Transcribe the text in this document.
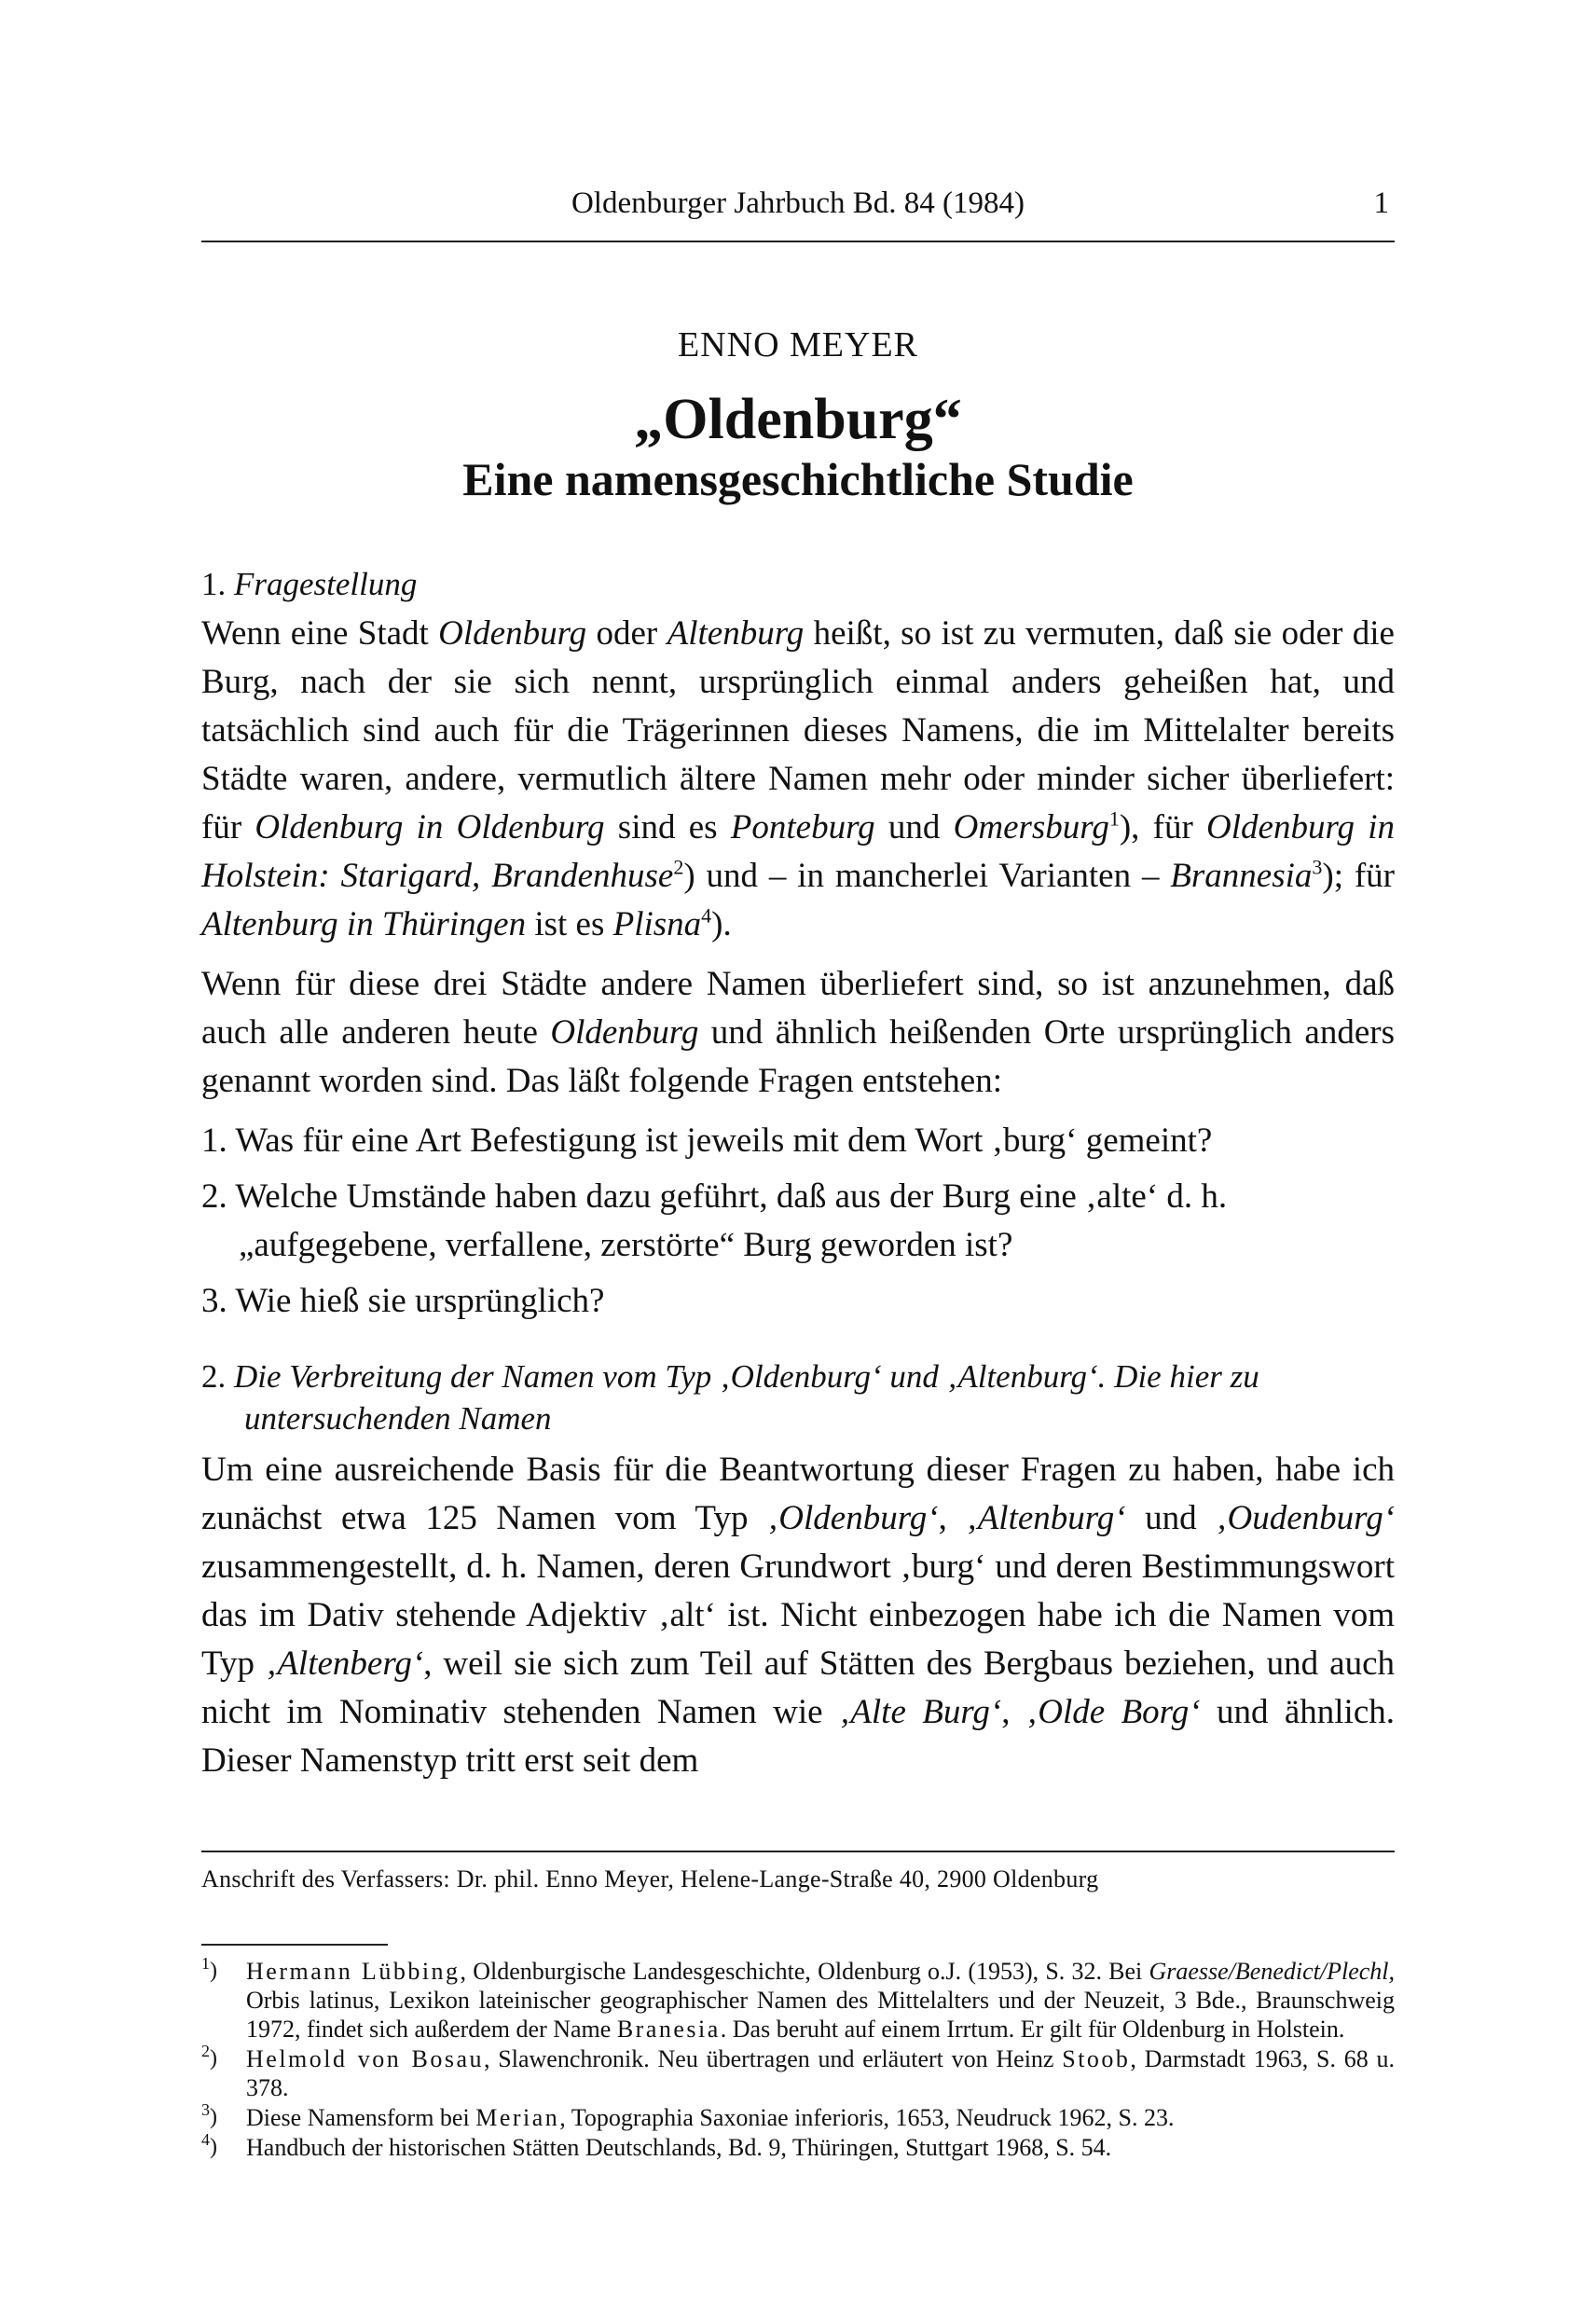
Oldenburger Jahrbuch Bd. 84 (1984)	1
ENNO MEYER
„Oldenburg“
Eine namensgeschichtliche Studie
1. Fragestellung

Wenn eine Stadt Oldenburg oder Altenburg heißt, so ist zu vermuten, daß sie oder die Burg, nach der sie sich nennt, ursprünglich einmal anders geheißen hat, und tatsächlich sind auch für die Trägerinnen dieses Namens, die im Mittelalter bereits Städte waren, andere, vermutlich ältere Namen mehr oder minder sicher überliefert: für Oldenburg in Oldenburg sind es Ponteburg und Omersburg$^1$), für Oldenburg in Holstein: Starigard, Brandenhuse$^2$) und – in mancherlei Varianten – Brannesia$^3$); für Altenburg in Thüringen ist es Plisna$^4$).

Wenn für diese drei Städte andere Namen überliefert sind, so ist anzunehmen, daß auch alle anderen heute Oldenburg und ähnlich heißenden Orte ursprünglich anders genannt worden sind. Das läßt folgende Fragen entstehen:

1. Was für eine Art Befestigung ist jeweils mit dem Wort ‚burg‘ gemeint?
2. Welche Umstände haben dazu geführt, daß aus der Burg eine ‚alte‘ d. h. „aufgegebene, verfallene, zerstörte“ Burg geworden ist?
3. Wie hieß sie ursprünglich?
2. Die Verbreitung der Namen vom Typ ‚Oldenburg‘ und ‚Altenburg‘. Die hier zu untersuchenden Namen

Um eine ausreichende Basis für die Beantwortung dieser Fragen zu haben, habe ich zunächst etwa 125 Namen vom Typ ‚Oldenburg‘, ‚Altenburg‘ und ‚Oudenburg‘ zusammengestellt, d. h. Namen, deren Grundwort ‚burg‘ und deren Bestimmungswort das im Dativ stehende Adjektiv ‚alt‘ ist. Nicht einbezogen habe ich die Namen vom Typ ‚Altenberg‘, weil sie sich zum Teil auf Stätten des Bergbaus beziehen, und auch nicht im Nominativ stehenden Namen wie ‚Alte Burg‘, ‚Olde Borg‘ und ähnlich. Dieser Namenstyp tritt erst seit dem

Anschrift des Verfassers: Dr. phil. Enno Meyer, Helene-Lange-Straße 40, 2900 Oldenburg
$^1$) Hermann Lübbing, Oldenburgische Landesgeschichte, Oldenburg o.J. (1953), S. 32. Bei Graesse/Benedict/Plechl, Orbis latinus, Lexikon lateinischer geographischer Namen des Mittelalters und der Neuzeit, 3 Bde., Braunschweig 1972, findet sich außerdem der Name Branesia. Das beruht auf einem Irrtum. Er gilt für Oldenburg in Holstein.
$^2$) Helmold von Bosau, Slawenchronik. Neu übertragen und erläutert von Heinz Stoob, Darmstadt 1963, S. 68 u. 378.
$^3$) Diese Namensform bei Merian, Topographia Saxoniae inferioris, 1653, Neudruck 1962, S. 23.
$^4$) Handbuch der historischen Stätten Deutschlands, Bd. 9, Thüringen, Stuttgart 1968, S. 54.
